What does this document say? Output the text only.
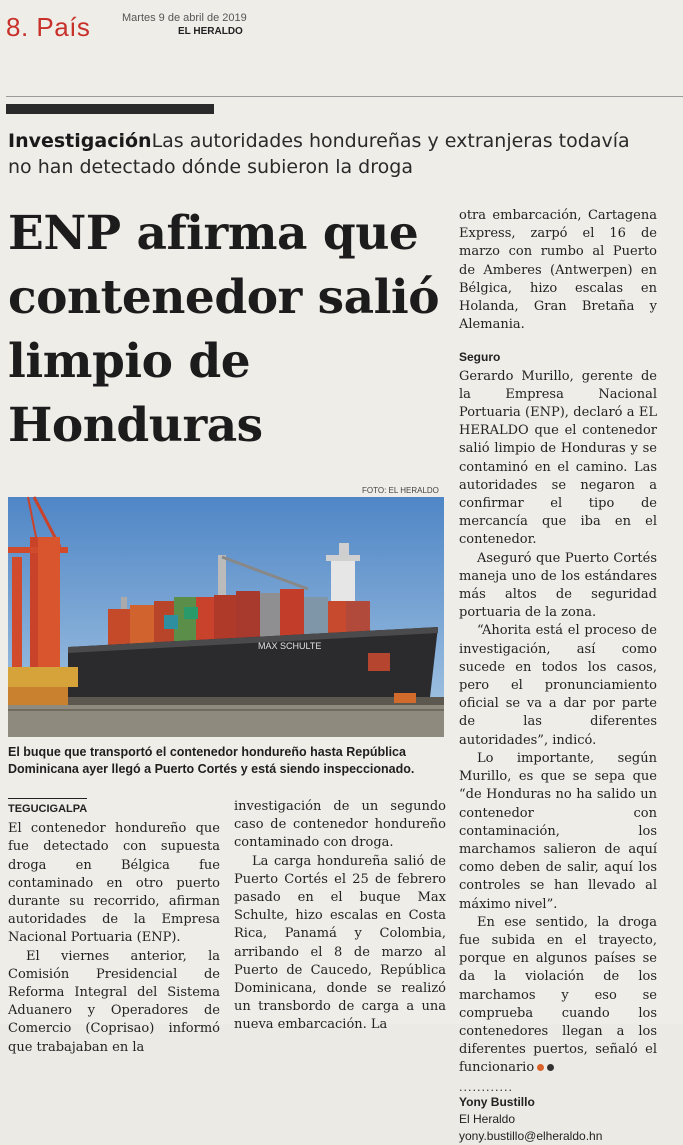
8. País	Martes 9 de abril de 2019
EL HERALDO
InvestigaciónLas autoridades hondureñas y extranjeras todavía no han detectado dónde subieron la droga
ENP afirma que contenedor salió limpio de Honduras
FOTO: EL HERALDO
MAX SCHULTE
El buque que transportó el contenedor hondureño hasta República Dominicana ayer llegó a Puerto Cortés y está siendo inspeccionado.

TEGUCIGALPA

El contenedor hondureño que fue detectado con supuesta droga en Bélgica fue contaminado en otro puerto durante su recorrido, afirman autoridades de la Empresa Nacional Portuaria (ENP).

El viernes anterior, la Comisión Presidencial de Reforma Integral del Sistema Aduanero y Operadores de Comercio (Coprisao) informó que trabajaban en la

investigación de un segundo caso de contenedor hondureño contaminado con droga.

La carga hondureña salió de Puerto Cortés el 25 de febrero pasado en el buque Max Schulte, hizo escalas en Costa Rica, Panamá y Colombia, arribando el 8 de marzo al Puerto de Caucedo, República Dominicana, donde se realizó un transbordo de carga a una nueva embarcación. La

otra embarcación, Cartagena Express, zarpó el 16 de marzo con rumbo al Puerto de Amberes (Antwerpen) en Bélgica, hizo escalas en Holanda, Gran Bretaña y Alemania.

Seguro

Gerardo Murillo, gerente de la Empresa Nacional Portuaria (ENP), declaró a EL HERALDO que el contenedor salió limpio de Honduras y se contaminó en el camino. Las autoridades se negaron a confirmar el tipo de mercancía que iba en el contenedor.

Aseguró que Puerto Cortés maneja uno de los estándares más altos de seguridad portuaria de la zona.

“Ahorita está el proceso de investigación, así como sucede en todos los casos, pero el pronunciamiento oficial se va a dar por parte de las diferentes autoridades”, indicó.

Lo importante, según Murillo, es que se sepa que “de Honduras no ha salido un contenedor con contaminación, los marchamos salieron de aquí como deben de salir, aquí los controles se han llevado al máximo nivel”.

En ese sentido, la droga fue subida en el trayecto, porque en algunos países se da la violación de los marchamos y eso se comprueba cuando los contenedores llegan a los diferentes puertos, señaló el funcionario

............
Yony Bustillo
El Heraldo
yony.bustillo@elheraldo.hn
